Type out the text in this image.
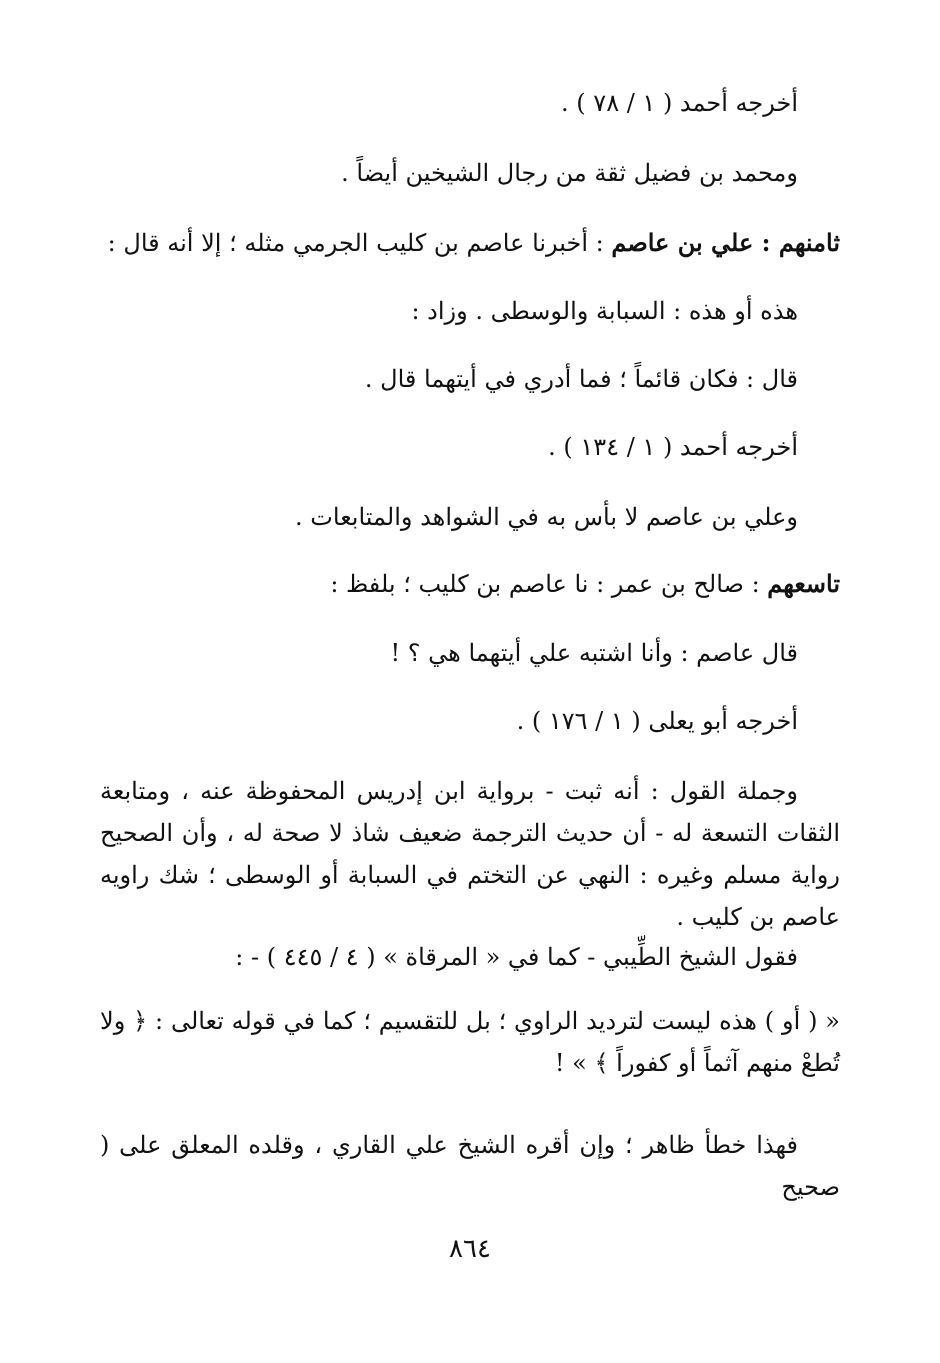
أخرجه أحمد ( ١ / ٧٨ ) .
ومحمد بن فضيل ثقة من رجال الشيخين أيضاً .
ثامنهم : علي بن عاصم : أخبرنا عاصم بن كليب الجرمي مثله ؛ إلا أنه قال :
هذه أو هذه : السبابة والوسطى . وزاد :
قال : فكان قائماً ؛ فما أدري في أيتهما قال .
أخرجه أحمد ( ١ / ١٣٤ ) .
وعلي بن عاصم لا بأس به في الشواهد والمتابعات .
تاسعهم : صالح بن عمر : نا عاصم بن كليب ؛ بلفظ :
قال عاصم : وأنا اشتبه علي أيتهما هي ؟ !
أخرجه أبو يعلى ( ١ / ١٧٦ ) .
وجملة القول : أنه ثبت - برواية ابن إدريس المحفوظة عنه ، ومتابعة الثقات التسعة له - أن حديث الترجمة ضعيف شاذ لا صحة له ، وأن الصحيح رواية مسلم وغيره : النهي عن التختم في السبابة أو الوسطى ؛ شك راويه عاصم بن كليب .
فقول الشيخ الطِّيبي - كما في « المرقاة » ( ٤ / ٤٤٥ ) - :
« ( أو ) هذه ليست لترديد الراوي ؛ بل للتقسيم ؛ كما في قوله تعالى : ﴿ ولا تُطعْ منهم آثماً أو كفوراً ﴾ » !
فهذا خطأ ظاهر ؛ وإن أقره الشيخ علي القاري ، وقلده المعلق على ( صحيح
٨٦٤
